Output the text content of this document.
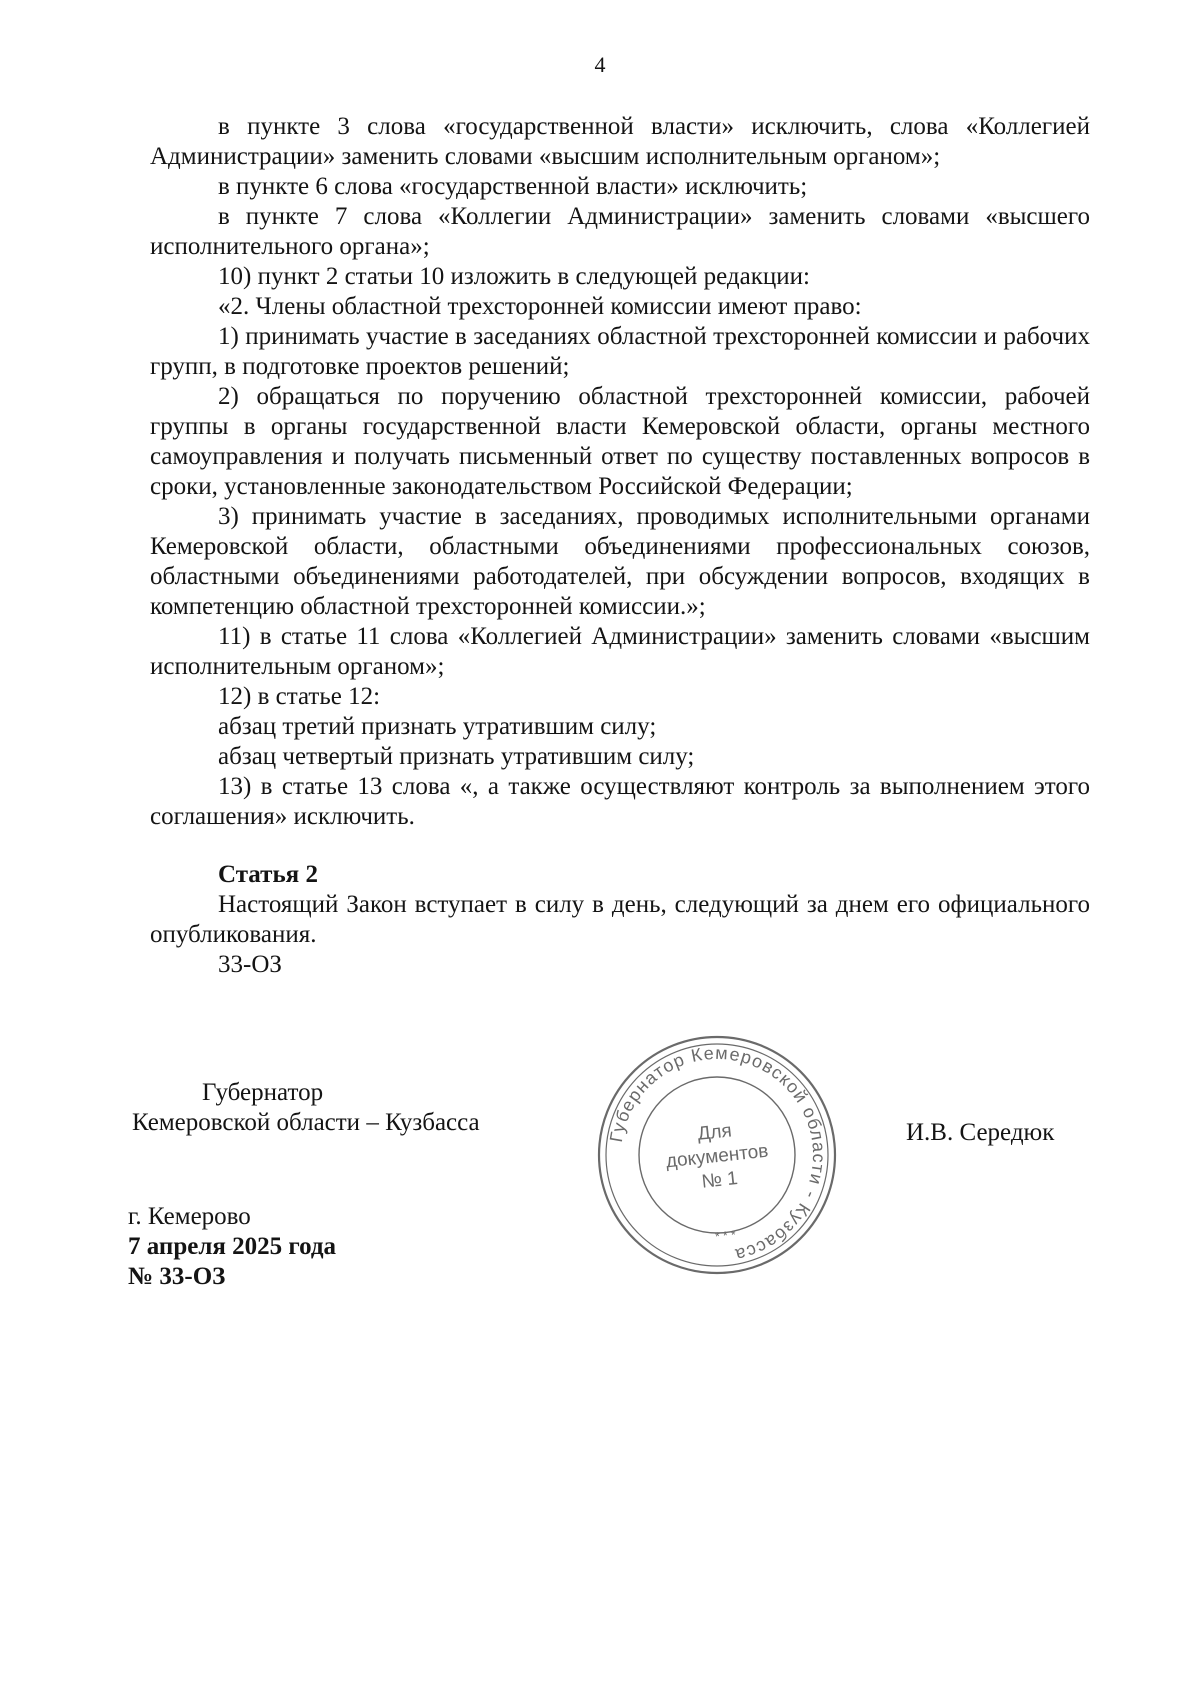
4

в пункте 3 слова «государственной власти» исключить, слова «Коллегией Администрации» заменить словами «высшим исполнительным органом»;

в пункте 6 слова «государственной власти» исключить;

в пункте 7 слова «Коллегии Администрации» заменить словами «высшего исполнительного органа»;

10) пункт 2 статьи 10 изложить в следующей редакции:

«2. Члены областной трехсторонней комиссии имеют право:

1) принимать участие в заседаниях областной трехсторонней комиссии и рабочих групп, в подготовке проектов решений;

2) обращаться по поручению областной трехсторонней комиссии, рабочей группы в органы государственной власти Кемеровской области, органы местного самоуправления и получать письменный ответ по существу поставленных вопросов в сроки, установленные законодательством Российской Федерации;

3) принимать участие в заседаниях, проводимых исполнительными органами Кемеровской области, областными объединениями профессиональных союзов, областными объединениями работодателей, при обсуждении вопросов, входящих в компетенцию областной трехсторонней комиссии.»;

11) в статье 11 слова «Коллегией Администрации» заменить словами «высшим исполнительным органом»;

12) в статье 12:

абзац третий признать утратившим силу;

абзац четвертый признать утратившим силу;

13) в статье 13 слова «, а также осуществляют контроль за выполнением этого соглашения» исключить.

Статья 2

Настоящий Закон вступает в силу в день, следующий за днем его официального опубликования.

33-ОЗ

Губернатор
Кемеровской области – Кузбасса
Губернатор Кемеровской области - Кузбасса
Для
документов
№ 1
* * *
И.В. Середюк
г. Кемерово
7 апреля 2025 года
№ 33-ОЗ
